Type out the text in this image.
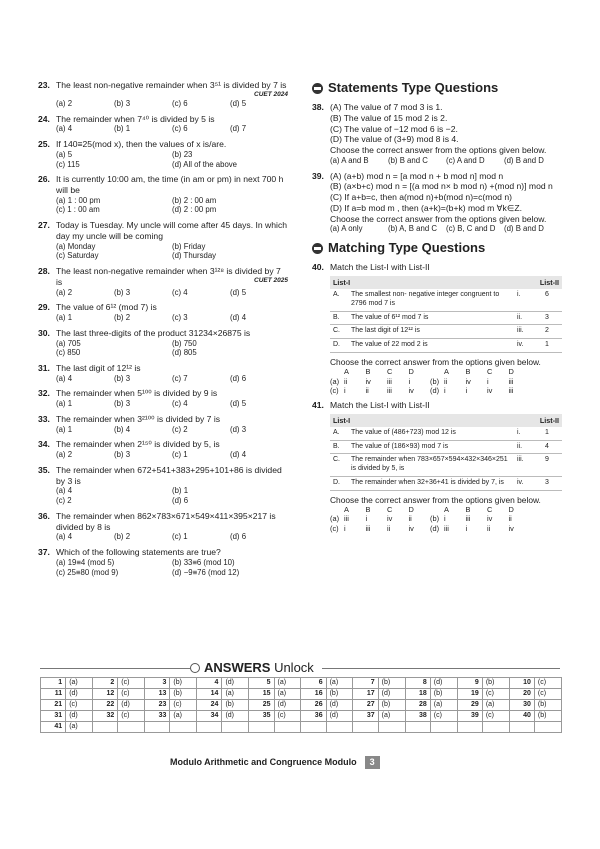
23. The least non-negative remainder when 3⁵¹ is divided by 7 is
CUET 2024
(a) 2	(b) 3	(c) 6	(d) 5
24. The remainder when 7⁴⁰ is divided by 5 is
(a) 4	(b) 1	(c) 6	(d) 7
25. If 140≡25(mod x), then the values of x is/are.
(a) 5	(b) 23
(c) 115	(d) All of the above
26. It is currently 10:00 am, the time (in am or pm) in next 700 h will be
(a) 1 : 00 pm	(b) 2 : 00 am
(c) 1 : 00 am	(d) 2 : 00 pm
27. Today is Tuesday. My uncle will come after 45 days. In which day my uncle will be coming
(a) Monday	(b) Friday
(c) Saturday	(d) Thursday
28. The least non-negative remainder when 3¹²⁸ is divided by 7 is	CUET 2025
(a) 2	(b) 3	(c) 4	(d) 5
29. The value of 6¹² (mod 7) is
(a) 1	(b) 2	(c) 3	(d) 4
30. The last three-digits of the product 31234×26875 is
(a) 705	(b) 750
(c) 850	(d) 805
31. The last digit of 12¹² is
(a) 4	(b) 3	(c) 7	(d) 6
32. The remainder when 5¹⁰⁰ is divided by 9 is
(a) 1	(b) 3	(c) 4	(d) 5
33. The remainder when 3²¹⁰⁰ is divided by 7 is
(a) 1	(b) 4	(c) 2	(d) 3
34. The remainder when 2¹⁵⁰ is divided by 5, is
(a) 2	(b) 3	(c) 1	(d) 4
35. The remainder when 672+541+383+295+101+86 is divided by 3 is
(a) 4	(b) 1
(c) 2	(d) 6
36. The remainder when 862×783×671×549×411×395×217 is divided by 8 is
(a) 4	(b) 2	(c) 1	(d) 6
37. Which of the following statements are true?
(a) 19≡4 (mod 5)	(b) 33≡6 (mod 10)
(c) 25≡80 (mod 9)	(d) −9≡76 (mod 12)
Statements Type Questions
38. (A) The value of 7 mod 3 is 1.
(B) The value of 15 mod 2 is 2.
(C) The value of −12 mod 6 is −2.
(D) The value of (3+9) mod 8 is 4.
Choose the correct answer from the options given below.
(a) A and B	(b) B and C	(c) A and D	(d) B and D
39. (A) (a+b) mod n = [a mod n + b mod n] mod n
(B) (a×b+c) mod n = [(a mod n× b mod n) +(mod n)] mod n
(C) If a+b=c, then a(mod n)+b(mod n)=c(mod n)
(D) If a=b mod m , then (a+k)=(b+k) mod m ∀k∈Z.
Choose the correct answer from the options given below.
(a) A only	(b) A, B and C	(c) B, C and D	(d) B and D
Matching Type Questions
40. Match the List-I with List-II
List-I		List-II	
A.	The smallest non- negative integer congruent to 2796 mod 7 is	i.	6
B.	The value of 6¹² mod 7 is	ii.	3
C.	The last digit of 12¹² is	iii.	2
D.	The value of 22 mod 2 is	iv.	1
Choose the correct answer from the options given below.
A	B	C	D	A	B	C	D
(a) ii	iv	iii	i	(b) ii	iv	i	iii
(c) i	ii	iii	iv	(d) i	i	iv	iii
41. Match the List-I with List-II
List-I		List-II	
A.	The value of (486+723) mod 12 is	i.	1
B.	The value of (186×93) mod 7 is	ii.	4
C.	The remainder when 783×657×594×432×346×251 is divided by 5, is	iii.	9
D.	The remainder when 32+36+41 is divided by 7, is	iv.	3
Choose the correct answer from the options given below.
A	B	C	D	A	B	C	D
(a) iii	i	iv	ii	(b) i	iii	iv	ii
(c) i	iii	ii	iv	(d) iii	i	ii	iv
ANSWERS Unlock
1	(a)	2	(c)	3	(b)	4	(d)	5	(a)	6	(a)	7	(b)	8	(d)	9	(b)	10	(c)
11	(d)	12	(c)	13	(b)	14	(a)	15	(a)	16	(b)	17	(d)	18	(b)	19	(c)	20	(c)
21	(c)	22	(d)	23	(c)	24	(b)	25	(d)	26	(d)	27	(b)	28	(a)	29	(a)	30	(b)
31	(d)	32	(c)	33	(a)	34	(d)	35	(c)	36	(d)	37	(a)	38	(c)	39	(c)	40	(b)
41	(a)																		
Modulo Arithmetic and Congruence Modulo	3
